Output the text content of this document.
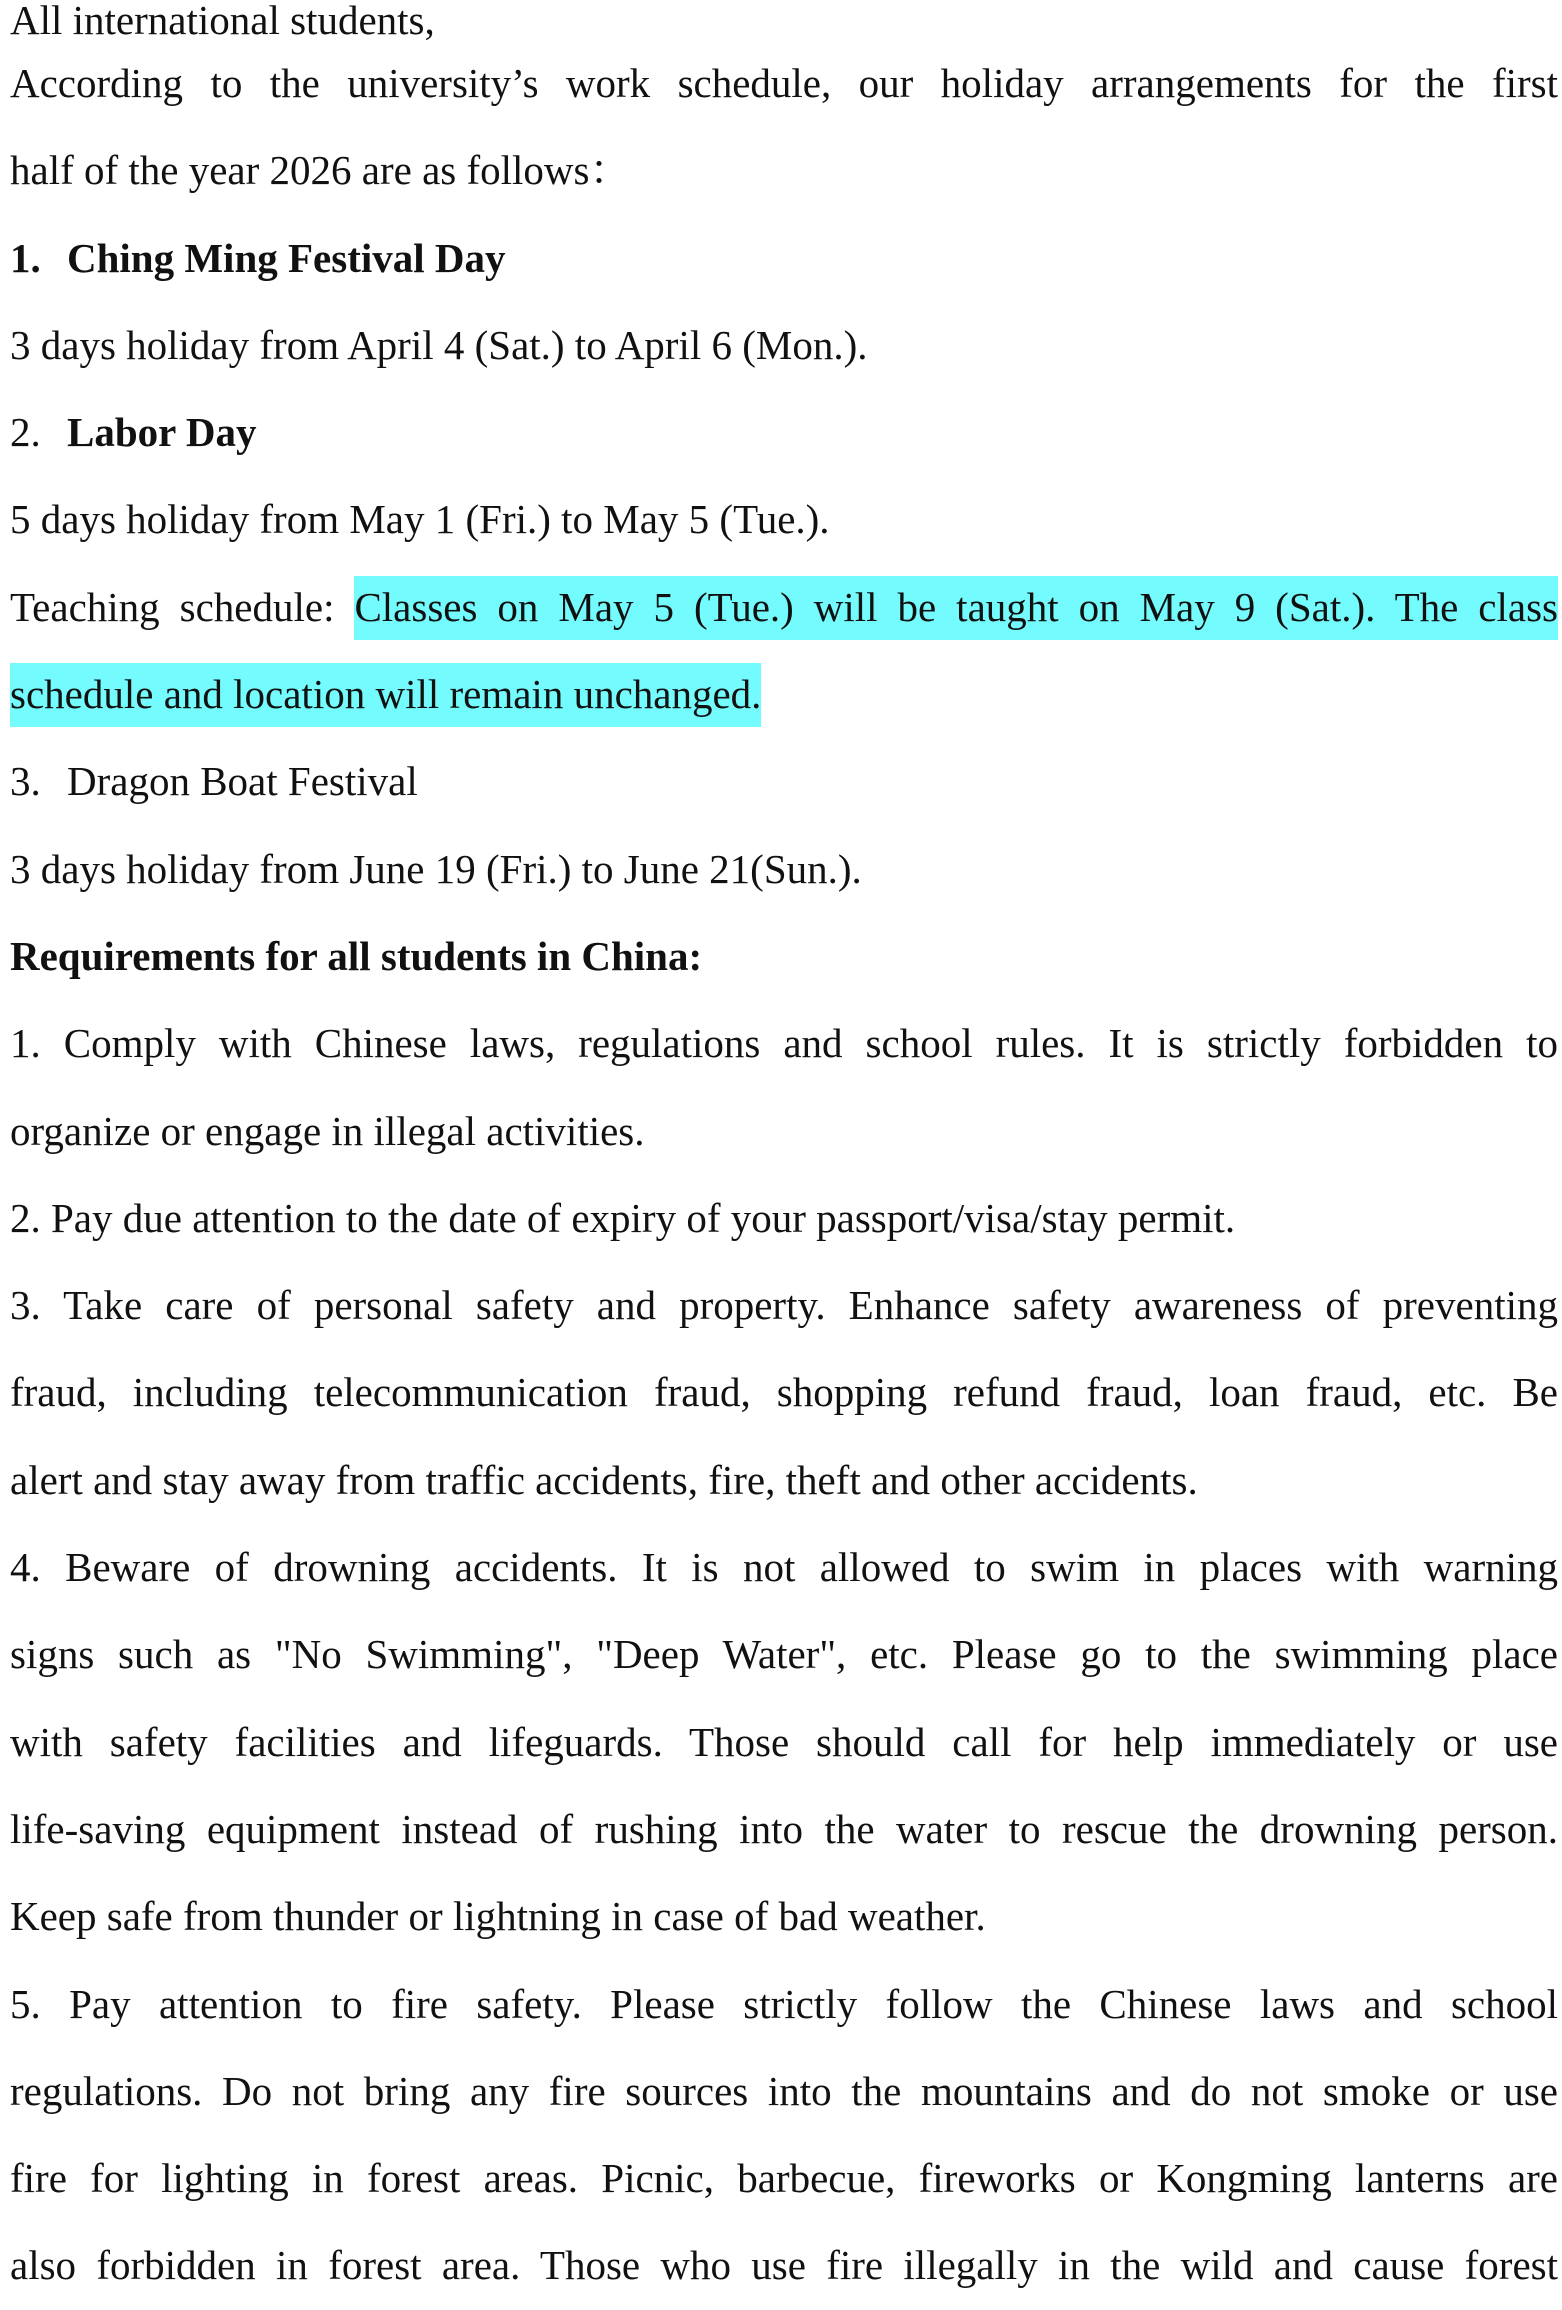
All international students,
According to the university’s work schedule, our holiday arrangements for the first
half of the year 2026 are as follows：
1. Ching Ming Festival Day
3 days holiday from April 4 (Sat.) to April 6 (Mon.).
2. Labor Day
5 days holiday from May 1 (Fri.) to May 5 (Tue.).
Teaching schedule: Classes on May 5 (Tue.) will be taught on May 9 (Sat.). The class
schedule and location will remain unchanged.
3. Dragon Boat Festival
3 days holiday from June 19 (Fri.) to June 21(Sun.).
Requirements for all students in China:
1. Comply with Chinese laws, regulations and school rules. It is strictly forbidden to
organize or engage in illegal activities.
2. Pay due attention to the date of expiry of your passport/visa/stay permit.
3. Take care of personal safety and property. Enhance safety awareness of preventing
fraud, including telecommunication fraud, shopping refund fraud, loan fraud, etc. Be
alert and stay away from traffic accidents, fire, theft and other accidents.
4. Beware of drowning accidents. It is not allowed to swim in places with warning
signs such as "No Swimming", "Deep Water", etc. Please go to the swimming place
with safety facilities and lifeguards. Those should call for help immediately or use
life-saving equipment instead of rushing into the water to rescue the drowning person.
Keep safe from thunder or lightning in case of bad weather.
5. Pay attention to fire safety. Please strictly follow the Chinese laws and school
regulations. Do not bring any fire sources into the mountains and do not smoke or use
fire for lighting in forest areas. Picnic, barbecue, fireworks or Kongming lanterns are
also forbidden in forest area. Those who use fire illegally in the wild and cause forest
